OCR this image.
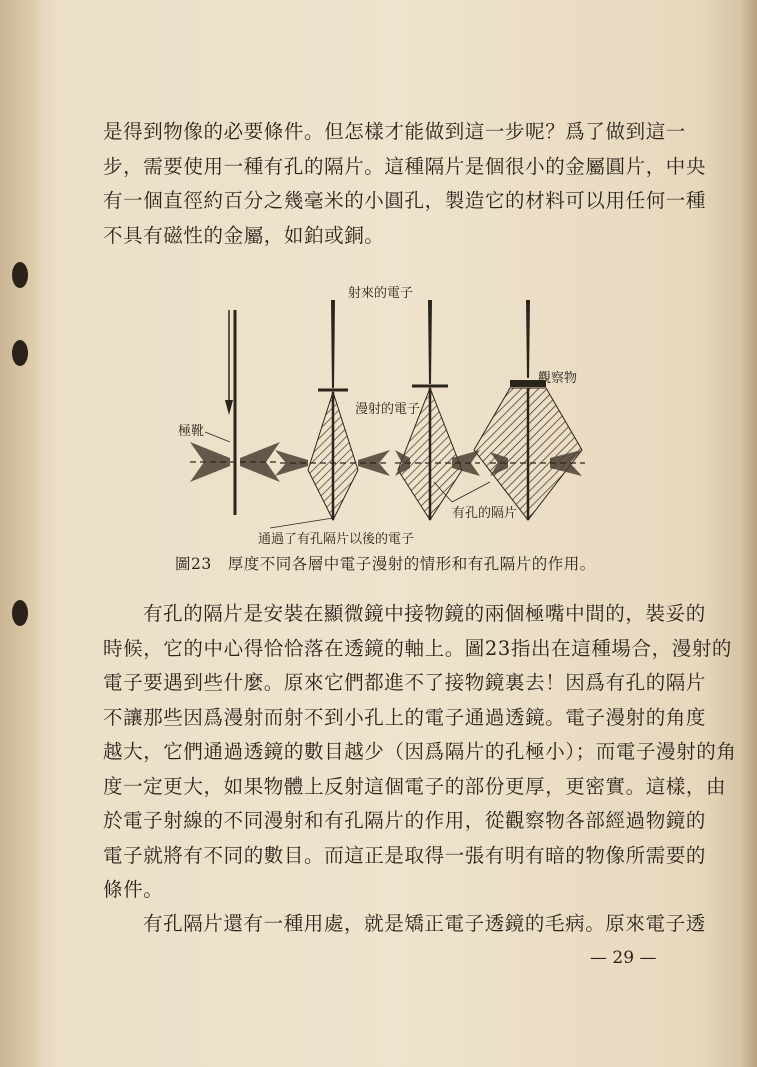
是得到物像的必要條件。但怎樣才能做到這一步呢？爲了做到這一
步，需要使用一種有孔的隔片。這種隔片是個很小的金屬圓片，中央
有一個直徑約百分之幾毫米的小圓孔，製造它的材料可以用任何一種
不具有磁性的金屬，如鉑或銅。
射來的電子
漫射的電子
觀察物
極靴
有孔的隔片
通過了有孔隔片以後的電子
圖23　厚度不同各層中電子漫射的情形和有孔隔片的作用。
有孔的隔片是安裝在顯微鏡中接物鏡的兩個極嘴中間的，裝妥的
時候，它的中心得恰恰落在透鏡的軸上。圖23指出在這種場合，漫射的
電子要遇到些什麼。原來它們都進不了接物鏡裏去！因爲有孔的隔片
不讓那些因爲漫射而射不到小孔上的電子通過透鏡。電子漫射的角度
越大，它們通過透鏡的數目越少（因爲隔片的孔極小）；而電子漫射的角
度一定更大，如果物體上反射這個電子的部份更厚，更密實。這樣，由
於電子射線的不同漫射和有孔隔片的作用，從觀察物各部經過物鏡的
電子就將有不同的數目。而這正是取得一張有明有暗的物像所需要的
條件。
有孔隔片還有一種用處，就是矯正電子透鏡的毛病。原來電子透
— 29 —
